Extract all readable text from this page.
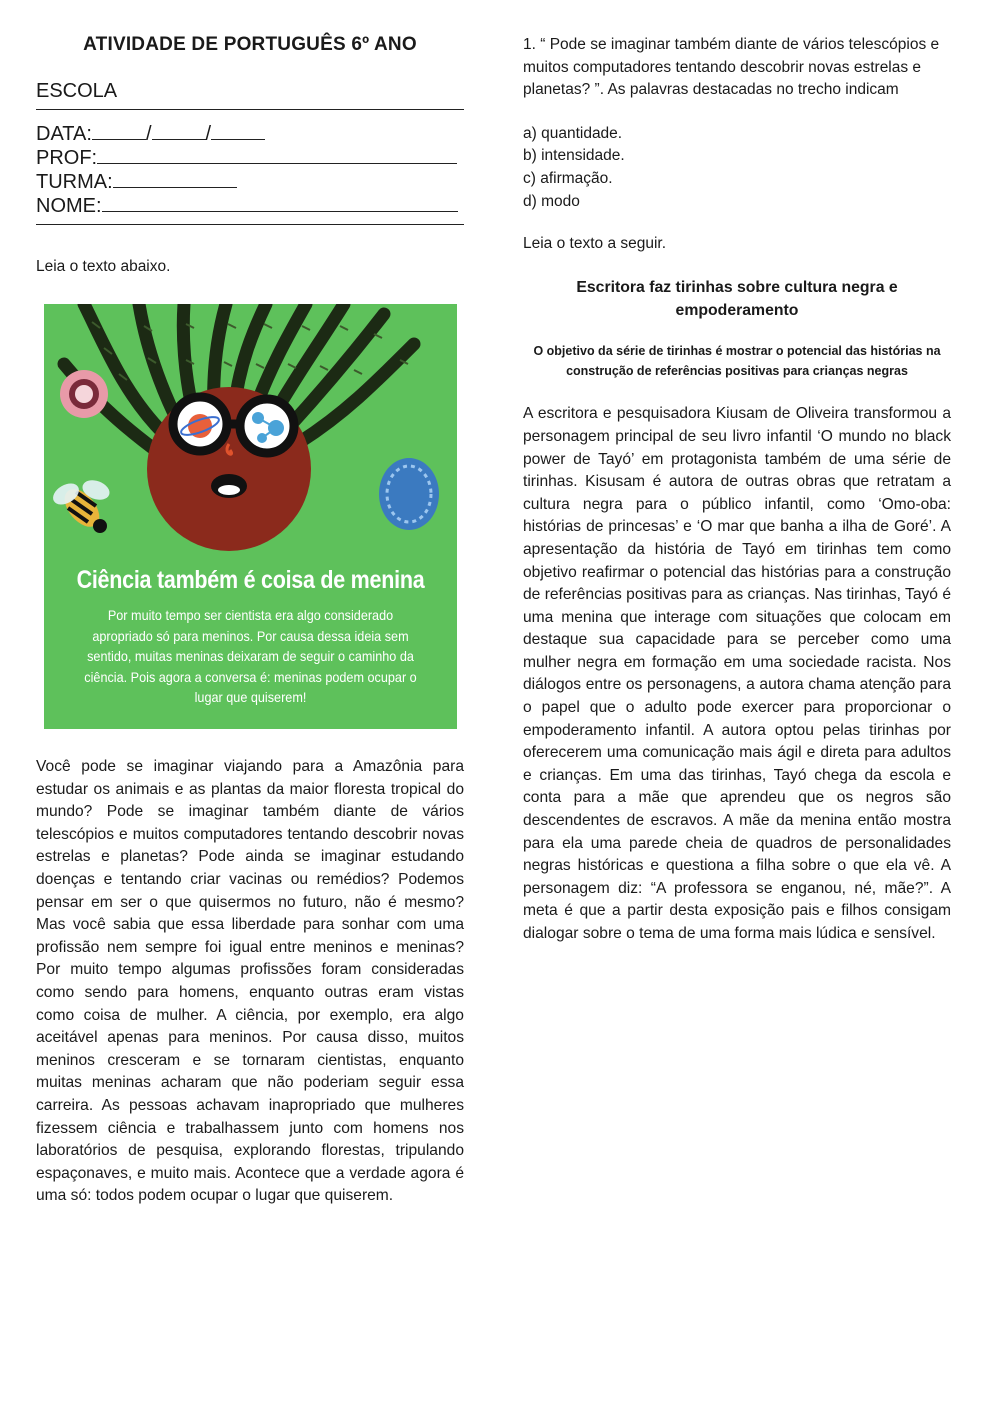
ATIVIDADE DE PORTUGUÊS 6º ANO
ESCOLA
DATA:	/	/
PROF:
TURMA:
NOME:
Leia o texto abaixo.
Ciência também é coisa de menina
Por muito tempo ser cientista era algo considerado apropriado só para meninos. Por causa dessa ideia sem sentido, muitas meninas deixaram de seguir o caminho da ciência. Pois agora a conversa é: meninas podem ocupar o lugar que quiserem!
Você pode se imaginar viajando para a Amazônia para estudar os animais e as plantas da maior floresta tropical do mundo? Pode se imaginar também diante de vários telescópios e muitos computadores tentando descobrir novas estrelas e planetas? Pode ainda se imaginar estudando doenças e tentando criar vacinas ou remédios? Podemos pensar em ser o que quisermos no futuro, não é mesmo? Mas você sabia que essa liberdade para sonhar com uma profissão nem sempre foi igual entre meninos e meninas? Por muito tempo algumas profissões foram consideradas como sendo para homens, enquanto outras eram vistas como coisa de mulher. A ciência, por exemplo, era algo aceitável apenas para meninos. Por causa disso, muitos meninos cresceram e se tornaram cientistas, enquanto muitas meninas acharam que não poderiam seguir essa carreira. As pessoas achavam inapropriado que mulheres fizessem ciência e trabalhassem junto com homens nos laboratórios de pesquisa, explorando florestas, tripulando espaçonaves, e muito mais. Acontece que a verdade agora é uma só: todos podem ocupar o lugar que quiserem.

1. “ Pode se imaginar também diante de vários telescópios e muitos computadores tentando descobrir novas estrelas e planetas? ”. As palavras destacadas no trecho indicam

a) quantidade.

b) intensidade.

c) afirmação.

d) modo

Leia o texto a seguir.
Escritora faz tirinhas sobre cultura negra e empoderamento
O objetivo da série de tirinhas é mostrar o potencial das histórias na construção de referências positivas para crianças negras
A escritora e pesquisadora Kiusam de Oliveira transformou a personagem principal de seu livro infantil ‘O mundo no black power de Tayó’ em protagonista também de uma série de tirinhas. Kisusam é autora de outras obras que retratam a cultura negra para o público infantil, como ‘Omo-oba: histórias de princesas’ e ‘O mar que banha a ilha de Goré’. A apresentação da história de Tayó em tirinhas tem como objetivo reafirmar o potencial das histórias para a construção de referências positivas para as crianças. Nas tirinhas, Tayó é uma menina que interage com situações que colocam em destaque sua capacidade para se perceber como uma mulher negra em formação em uma sociedade racista. Nos diálogos entre os personagens, a autora chama atenção para o papel que o adulto pode exercer para proporcionar o empoderamento infantil. A autora optou pelas tirinhas por oferecerem uma comunicação mais ágil e direta para adultos e crianças. Em uma das tirinhas, Tayó chega da escola e conta para a mãe que aprendeu que os negros são descendentes de escravos. A mãe da menina então mostra para ela uma parede cheia de quadros de personalidades negras históricas e questiona a filha sobre o que ela vê. A personagem diz: “A professora se enganou, né, mãe?”. A meta é que a partir desta exposição pais e filhos consigam dialogar sobre o tema de uma forma mais lúdica e sensível.
